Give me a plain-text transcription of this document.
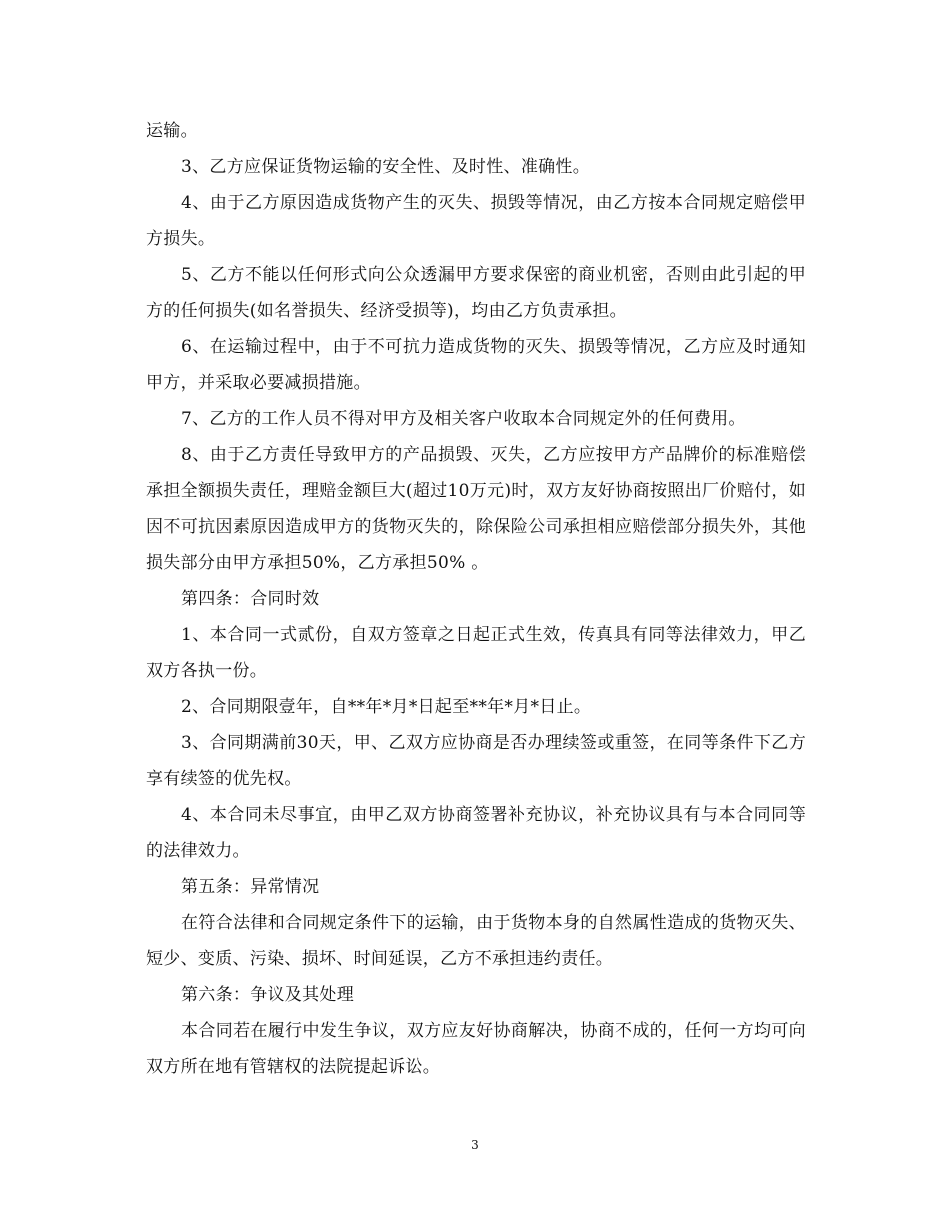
运输。

3、乙方应保证货物运输的安全性、及时性、准确性。

4、由于乙方原因造成货物产生的灭失、损毁等情况，由乙方按本合同规定赔偿甲方损失。

5、乙方不能以任何形式向公众透漏甲方要求保密的商业机密，否则由此引起的甲方的任何损失(如名誉损失、经济受损等)，均由乙方负责承担。

6、在运输过程中，由于不可抗力造成货物的灭失、损毁等情况，乙方应及时通知甲方，并采取必要减损措施。

7、乙方的工作人员不得对甲方及相关客户收取本合同规定外的任何费用。

8、由于乙方责任导致甲方的产品损毁、灭失，乙方应按甲方产品牌价的标准赔偿承担全额损失责任，理赔金额巨大(超过10万元)时，双方友好协商按照出厂价赔付，如因不可抗因素原因造成甲方的货物灭失的，除保险公司承担相应赔偿部分损失外，其他损失部分由甲方承担50%，乙方承担50% 。

第四条：合同时效

1、本合同一式贰份，自双方签章之日起正式生效，传真具有同等法律效力，甲乙双方各执一份。

2、合同期限壹年，自**年*月*日起至**年*月*日止。

3、合同期满前30天，甲、乙双方应协商是否办理续签或重签，在同等条件下乙方享有续签的优先权。

4、本合同未尽事宜，由甲乙双方协商签署补充协议，补充协议具有与本合同同等的法律效力。

第五条：异常情况

在符合法律和合同规定条件下的运输，由于货物本身的自然属性造成的货物灭失、短少、变质、污染、损坏、时间延误，乙方不承担违约责任。

第六条：争议及其处理

本合同若在履行中发生争议，双方应友好协商解决，协商不成的，任何一方均可向双方所在地有管辖权的法院提起诉讼。

3
